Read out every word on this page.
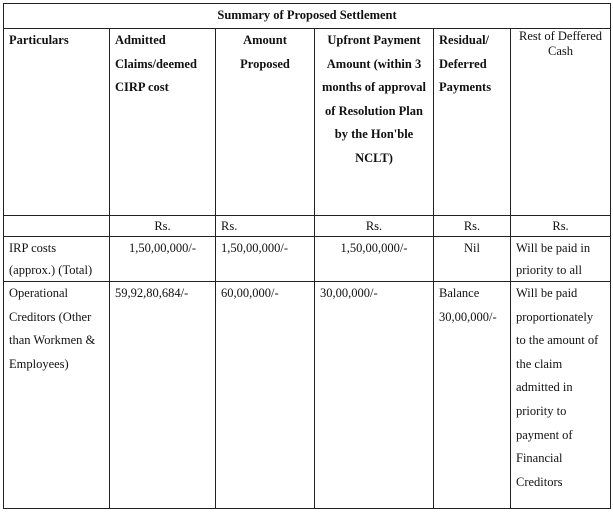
Summary of Proposed Settlement					
Particulars	Admitted Claims/deemed CIRP cost	Amount Proposed	Upfront Payment Amount (within 3 months of approval of Resolution Plan by the Hon'ble NCLT)	Residual/ Deferred Payments	Rest of Deffered Cash
	Rs.	Rs.	Rs.	Rs.	Rs.
IRP costs (approx.) (Total)	1,50,00,000/-	1,50,00,000/-	1,50,00,000/-	Nil	Will be paid in priority to all
Operational Creditors (Other than Workmen & Employees)	59,92,80,684/-	60,00,000/-	30,00,000/-	Balance 30,00,000/-	Will be paid proportionately to the amount of the claim admitted in priority to payment of Financial Creditors
